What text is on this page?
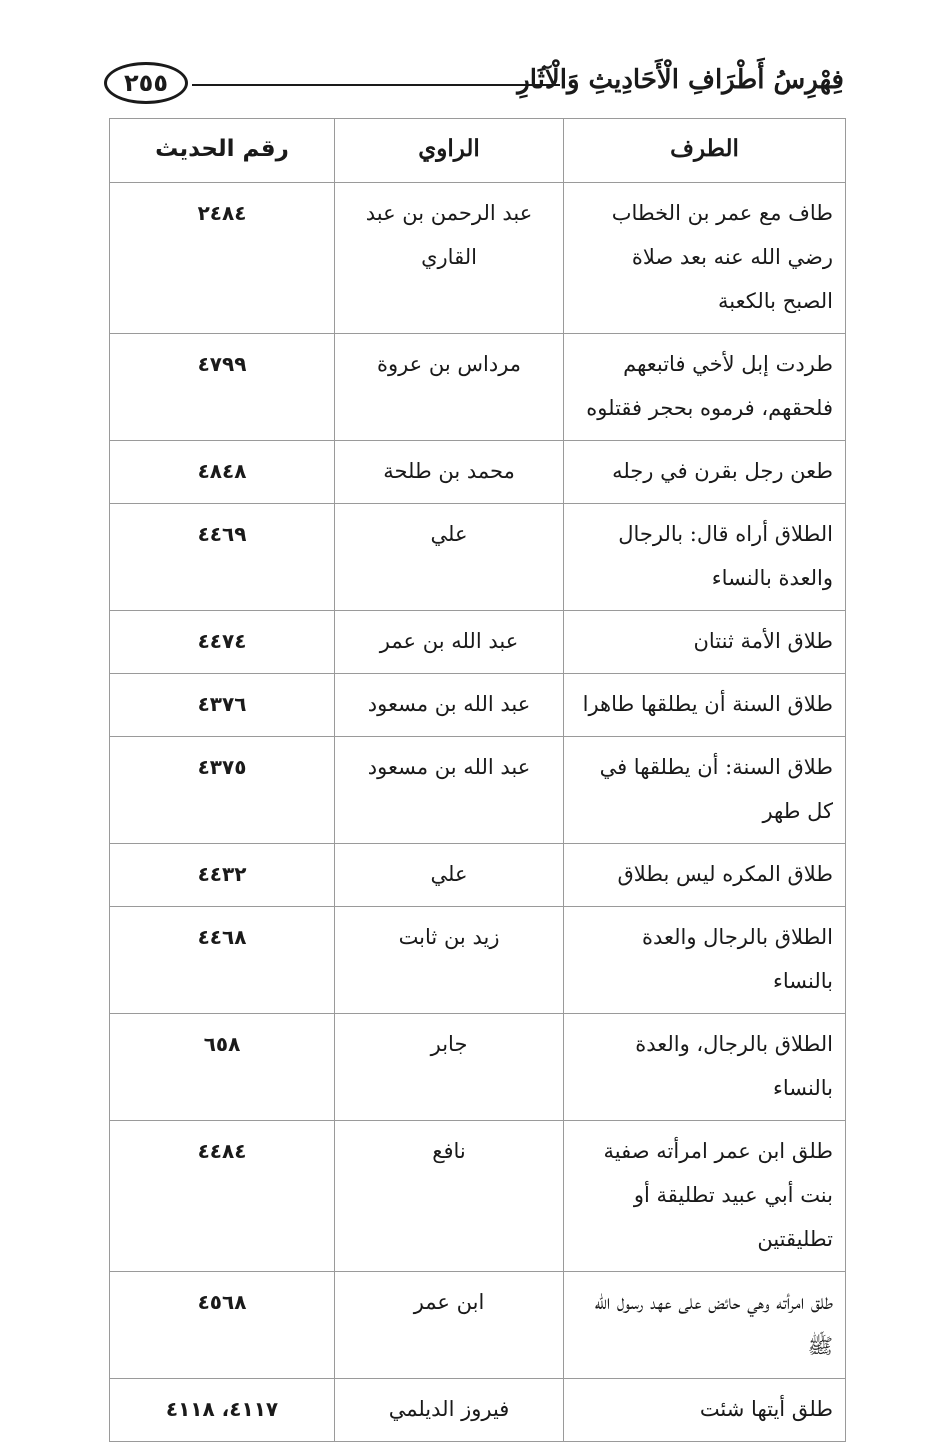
فِهْرِسُ أَطْرَافِ الْأَحَادِيثِ وَالْآثَارِ
٢٥٥
الطرف	الراوي	رقم الحديث
طاف مع عمر بن الخطاب رضي الله عنه بعد صلاة الصبح بالكعبة	عبد الرحمن بن عبد القاري	٢٤٨٤
طردت إبل لأخي فاتبعهم فلحقهم، فرموه بحجر فقتلوه	مرداس بن عروة	٤٧٩٩
طعن رجل بقرن في رجله	محمد بن طلحة	٤٨٤٨
الطلاق أراه قال: بالرجال والعدة بالنساء	علي	٤٤٦٩
طلاق الأمة ثنتان	عبد الله بن عمر	٤٤٧٤
طلاق السنة أن يطلقها طاهرا	عبد الله بن مسعود	٤٣٧٦
طلاق السنة: أن يطلقها في كل طهر	عبد الله بن مسعود	٤٣٧٥
طلاق المكره ليس بطلاق	علي	٤٤٣٢
الطلاق بالرجال والعدة بالنساء	زيد بن ثابت	٤٤٦٨
الطلاق بالرجال، والعدة بالنساء	جابر	٦٥٨
طلق ابن عمر امرأته صفية بنت أبي عبيد تطليقة أو تطليقتين	نافع	٤٤٨٤
طلق امرأته وهي حائض على عهد رسول الله ﷺ	ابن عمر	٤٥٦٨
طلق أيتها شئت	فيروز الديلمي	٤١١٧، ٤١١٨
